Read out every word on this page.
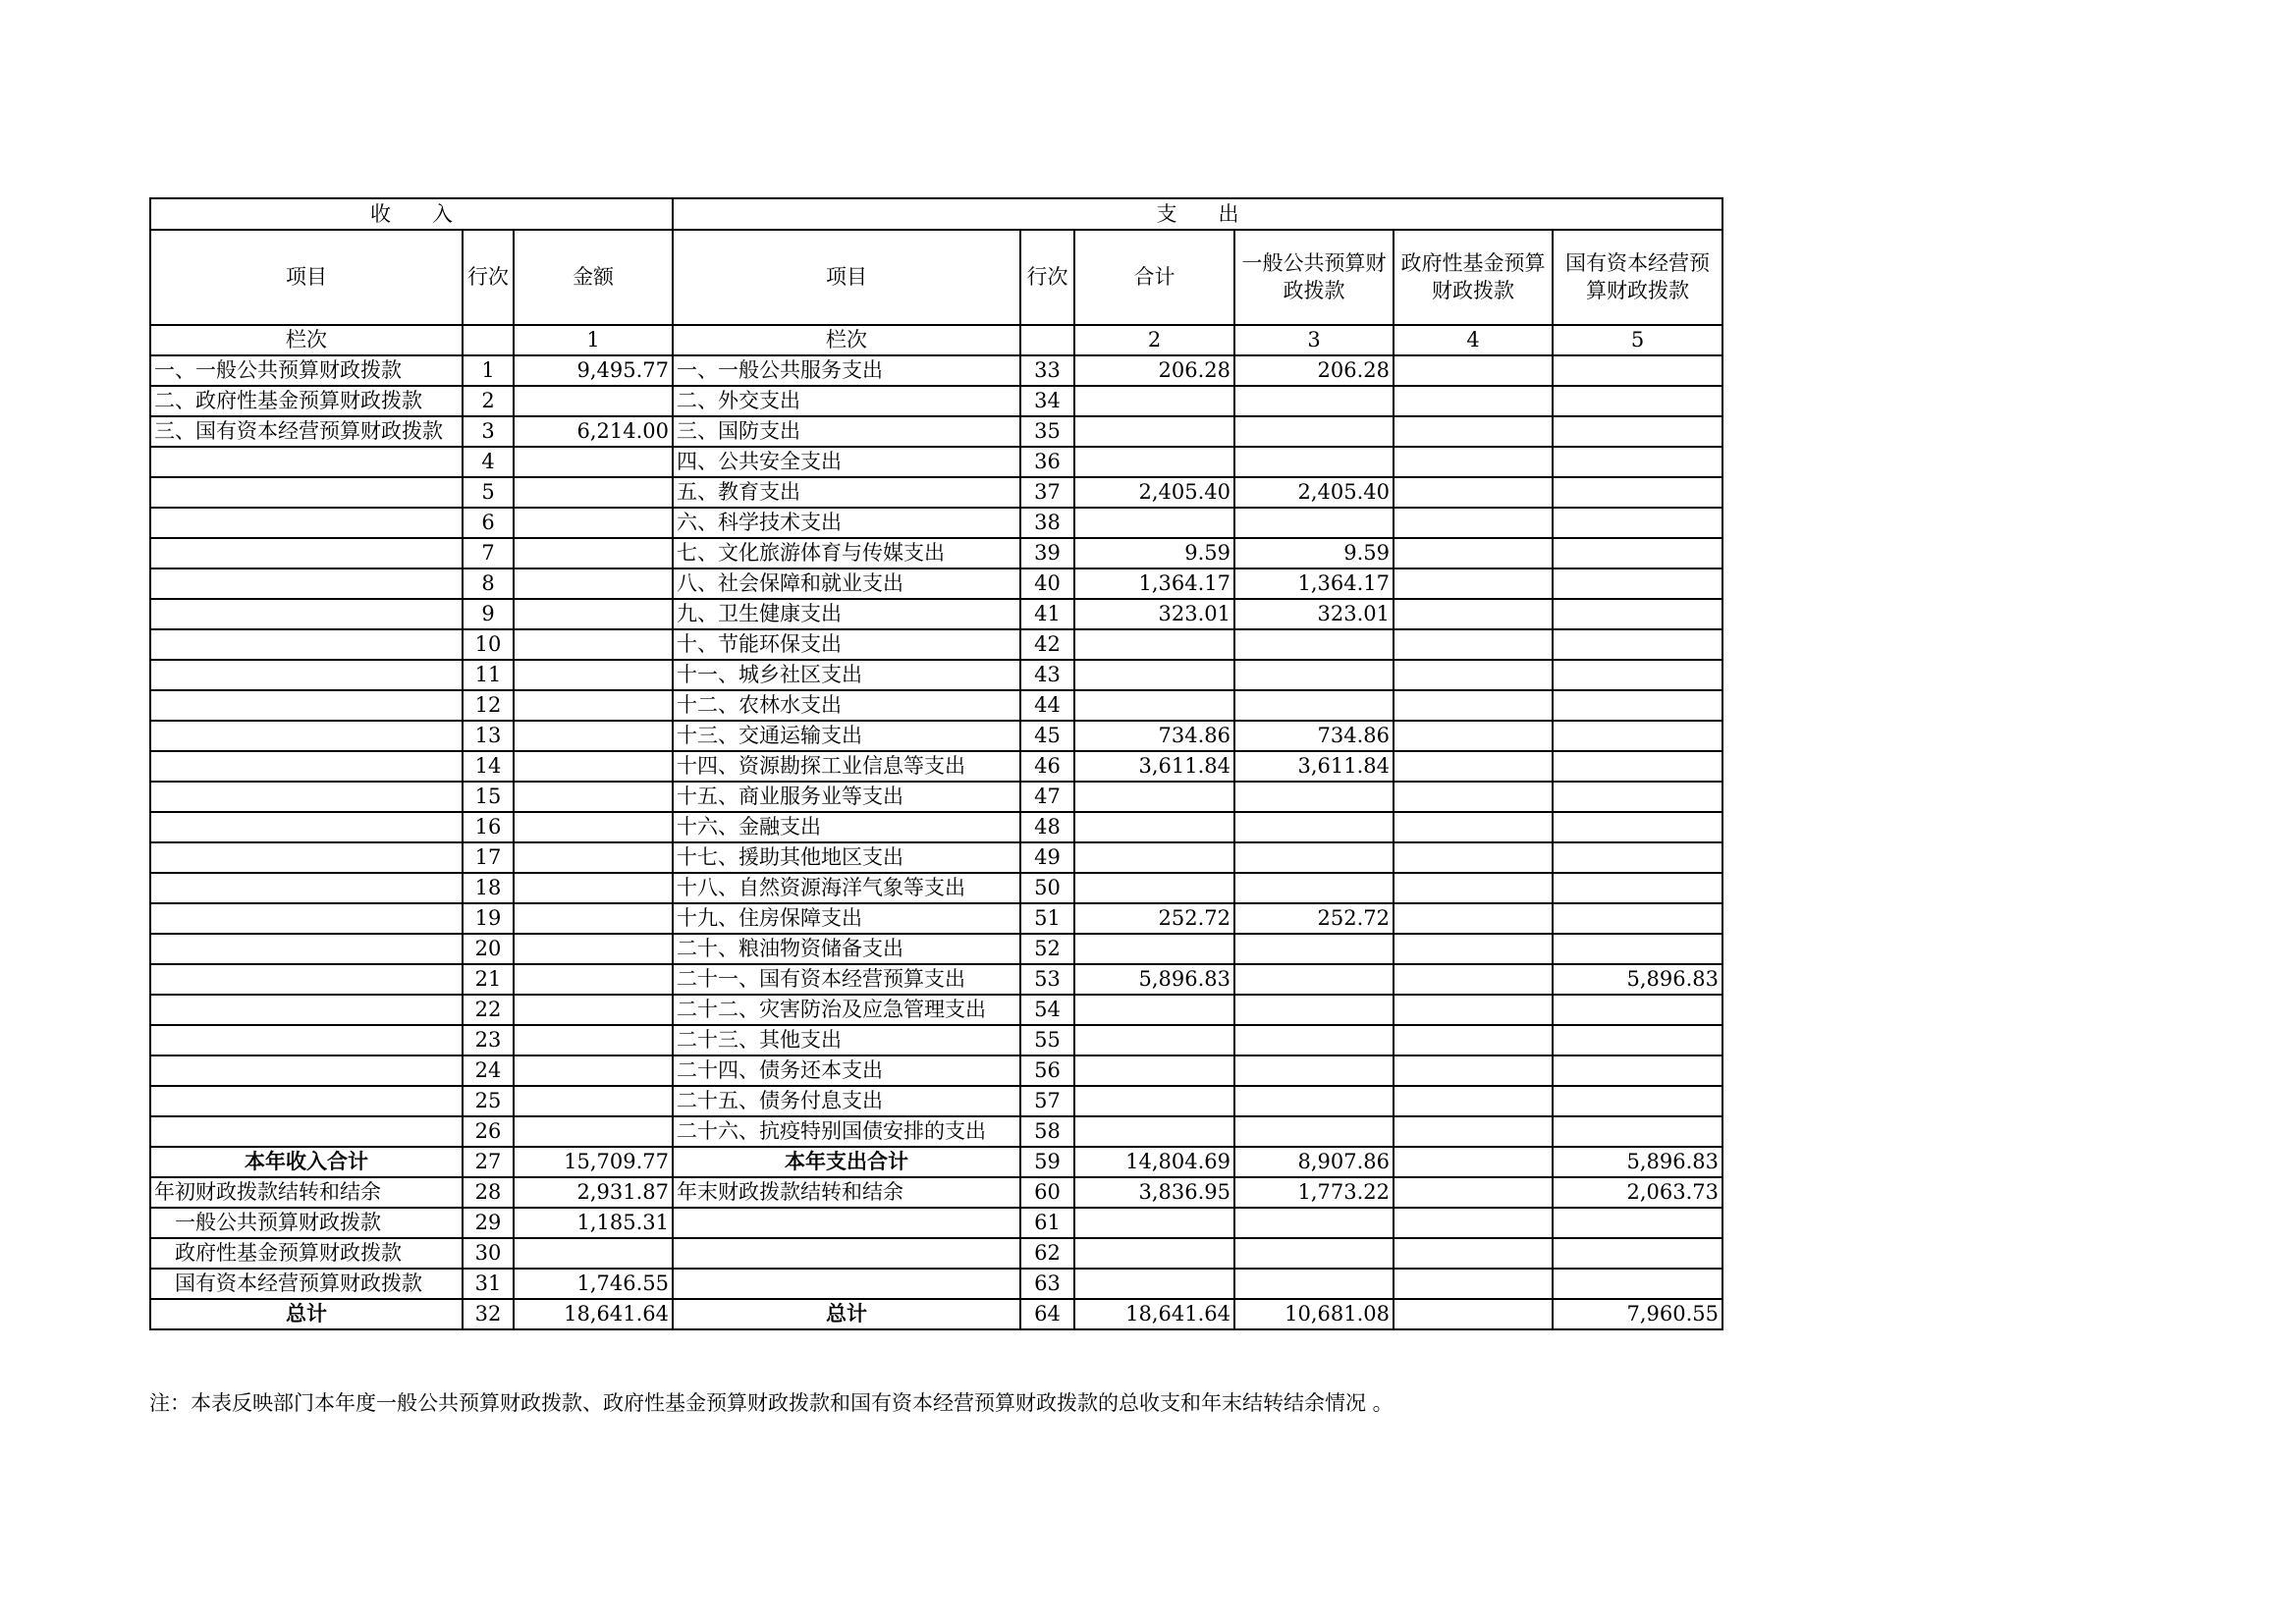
收　　入			支　　出					
项目	行次	金额	项目	行次	合计	一般公共预算财政拨款	政府性基金预算财政拨款	国有资本经营预算财政拨款
栏次		1	栏次		2	3	4	5
一、一般公共预算财政拨款	1	9,495.77	一、一般公共服务支出	33	206.28	206.28		
二、政府性基金预算财政拨款	2		二、外交支出	34				
三、国有资本经营预算财政拨款	3	6,214.00	三、国防支出	35				
	4		四、公共安全支出	36				
	5		五、教育支出	37	2,405.40	2,405.40		
	6		六、科学技术支出	38				
	7		七、文化旅游体育与传媒支出	39	9.59	9.59		
	8		八、社会保障和就业支出	40	1,364.17	1,364.17		
	9		九、卫生健康支出	41	323.01	323.01		
	10		十、节能环保支出	42				
	11		十一、城乡社区支出	43				
	12		十二、农林水支出	44				
	13		十三、交通运输支出	45	734.86	734.86		
	14		十四、资源勘探工业信息等支出	46	3,611.84	3,611.84		
	15		十五、商业服务业等支出	47				
	16		十六、金融支出	48				
	17		十七、援助其他地区支出	49				
	18		十八、自然资源海洋气象等支出	50				
	19		十九、住房保障支出	51	252.72	252.72		
	20		二十、粮油物资储备支出	52				
	21		二十一、国有资本经营预算支出	53	5,896.83			5,896.83
	22		二十二、灾害防治及应急管理支出	54				
	23		二十三、其他支出	55				
	24		二十四、债务还本支出	56				
	25		二十五、债务付息支出	57				
	26		二十六、抗疫特别国债安排的支出	58				
本年收入合计	27	15,709.77	本年支出合计	59	14,804.69	8,907.86		5,896.83
年初财政拨款结转和结余	28	2,931.87	年末财政拨款结转和结余	60	3,836.95	1,773.22		2,063.73
一般公共预算财政拨款	29	1,185.31		61				
政府性基金预算财政拨款	30			62				
国有资本经营预算财政拨款	31	1,746.55		63				
总计	32	18,641.64	总计	64	18,641.64	10,681.08		7,960.55
注：本表反映部门本年度一般公共预算财政拨款、政府性基金预算财政拨款和国有资本经营预算财政拨款的总收支和年末结转结余情况 。
